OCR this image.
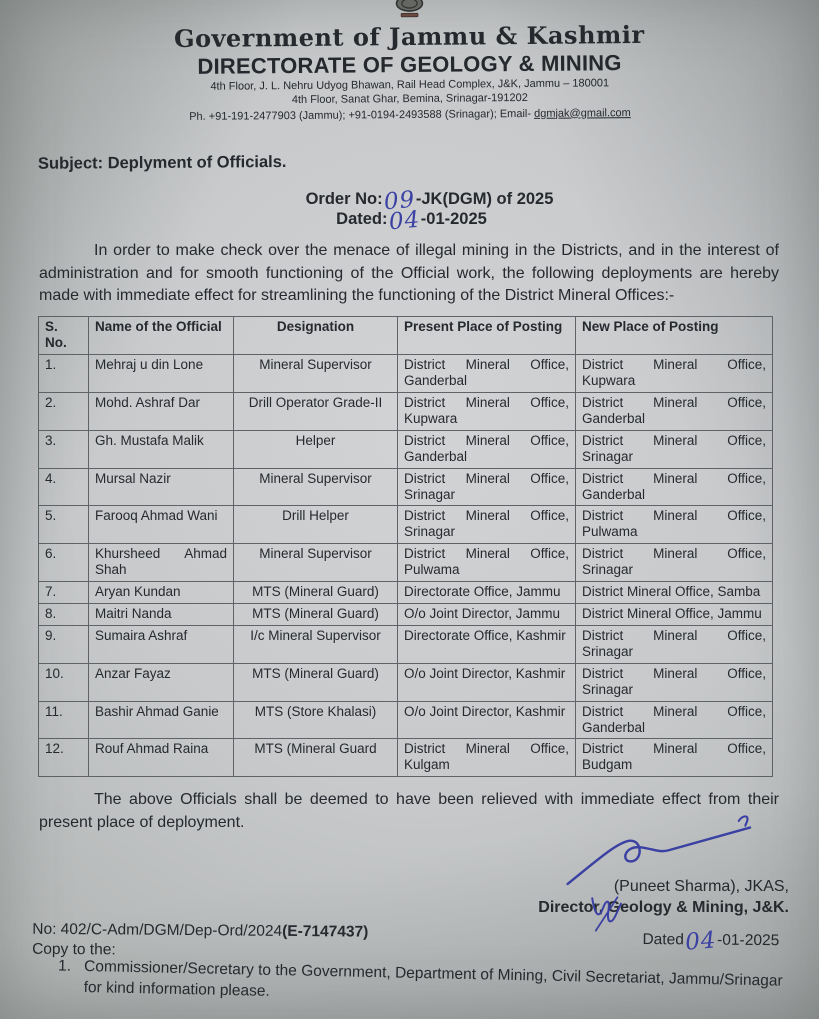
Government of Jammu & Kashmir
DIRECTORATE OF GEOLOGY & MINING

4th Floor, J. L. Nehru Udyog Bhawan, Rail Head Complex, J&K, Jammu – 180001

4th Floor, Sanat Ghar, Bemina, Srinagar-191202

Ph. +91-191-2477903 (Jammu); +91-0194-2493588 (Srinagar); Email- dgmjak@gmail.com

Subject: Deplyment of Officials.
Order No:09-JK(DGM) of 2025
Dated:04-01-2025

In order to make check over the menace of illegal mining in the Districts, and in the interest of administration and for smooth functioning of the Official work, the following deployments are hereby made with immediate effect for streamlining the functioning of the District Mineral Offices:-

S. No.	Name of the Official	Designation	Present Place of Posting	New Place of Posting
1.	Mehraj u din Lone	Mineral Supervisor	District Mineral Office, Ganderbal	District Mineral Office, Kupwara
2.	Mohd. Ashraf Dar	Drill Operator Grade-II	District Mineral Office, Kupwara	District Mineral Office, Ganderbal
3.	Gh. Mustafa Malik	Helper	District Mineral Office, Ganderbal	District Mineral Office, Srinagar
4.	Mursal Nazir	Mineral Supervisor	District Mineral Office, Srinagar	District Mineral Office, Ganderbal
5.	Farooq Ahmad Wani	Drill Helper	District Mineral Office, Srinagar	District Mineral Office, Pulwama
6.	Khursheed Ahmad Shah	Mineral Supervisor	District Mineral Office, Pulwama	District Mineral Office, Srinagar
7.	Aryan Kundan	MTS (Mineral Guard)	Directorate Office, Jammu	District Mineral Office, Samba
8.	Maitri Nanda	MTS (Mineral Guard)	O/o Joint Director, Jammu	District Mineral Office, Jammu
9.	Sumaira Ashraf	I/c Mineral Supervisor	Directorate Office, Kashmir	District Mineral Office, Srinagar
10.	Anzar Fayaz	MTS (Mineral Guard)	O/o Joint Director, Kashmir	District Mineral Office, Srinagar
11.	Bashir Ahmad Ganie	MTS (Store Khalasi)	O/o Joint Director, Kashmir	District Mineral Office, Ganderbal
12.	Rouf Ahmad Raina	MTS (Mineral Guard	District Mineral Office, Kulgam	District Mineral Office, Budgam

The above Officials shall be deemed to have been relieved with immediate effect from their present place of deployment.

(Puneet Sharma), JKAS,
Director, Geology & Mining, J&K.
No: 402/C-Adm/DGM/Dep-Ord/2024(E-7147437)	Dated04-01-2025
Copy to the:
1. Commissioner/Secretary to the Government, Department of Mining, Civil Secretariat, Jammu/Srinagar for kind information please.
